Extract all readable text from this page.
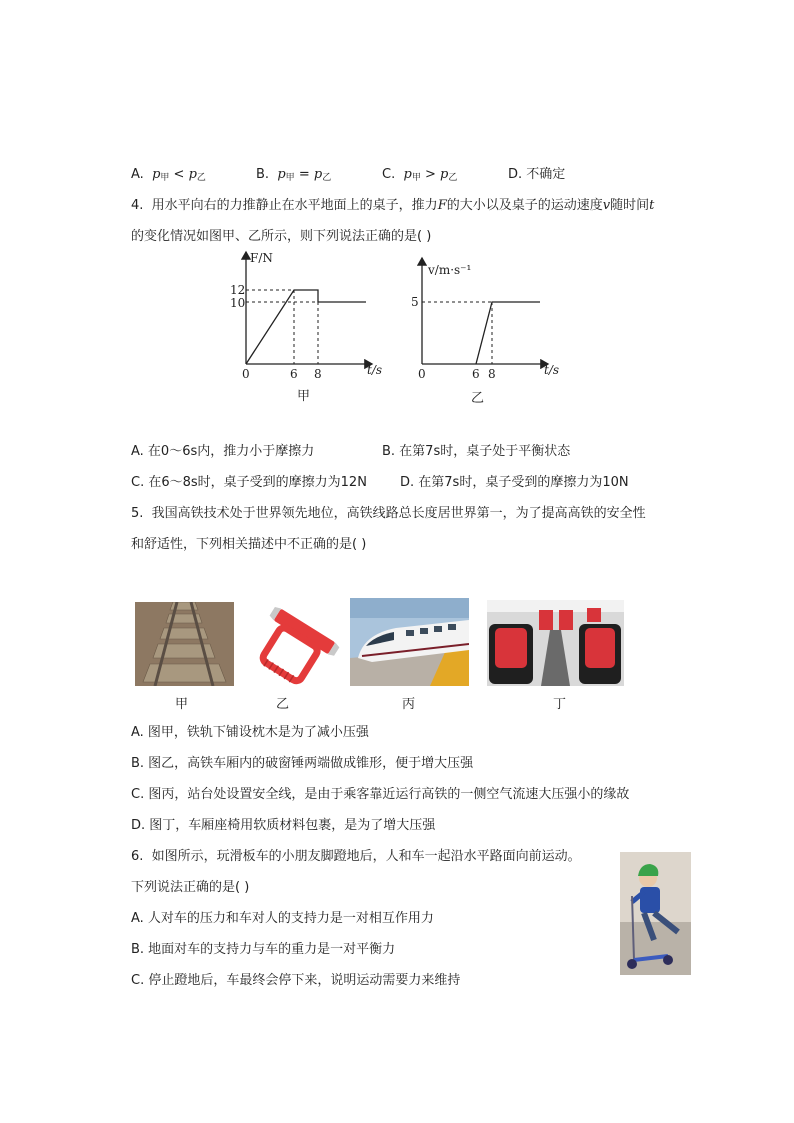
A. $p_甲 < p_乙$	B. $p_甲 = p_乙$	C. $p_甲 > p_乙$	D. 不确定
4. 用水平向右的力推静止在水平地面上的桌子，推力F的大小以及桌子的运动速度v随时间t
的变化情况如图甲、乙所示，则下列说法正确的是( )
F/N
12
10
0	6 8	t/s
甲
v/m·s⁻¹
5
0	6 8	t/s
乙
A. 在0～6s内，推力小于摩擦力	B. 在第7s时，桌子处于平衡状态
C. 在6～8s时，桌子受到的摩擦力为12N	D. 在第7s时，桌子受到的摩擦力为10N
5. 我国高铁技术处于世界领先地位，高铁线路总长度居世界第一，为了提高高铁的安全性
和舒适性，下列相关描述中不正确的是( )
甲	乙	丙	丁
A. 图甲，铁轨下铺设枕木是为了减小压强
B. 图乙，高铁车厢内的破窗锤两端做成锥形，便于增大压强
C. 图丙，站台处设置安全线，是由于乘客靠近运行高铁的一侧空气流速大压强小的缘故
D. 图丁，车厢座椅用软质材料包裹，是为了增大压强
6. 如图所示，玩滑板车的小朋友脚蹬地后，人和车一起沿水平路面向前运动。
下列说法正确的是( )
A. 人对车的压力和车对人的支持力是一对相互作用力
B. 地面对车的支持力与车的重力是一对平衡力
C. 停止蹬地后，车最终会停下来，说明运动需要力来维持
